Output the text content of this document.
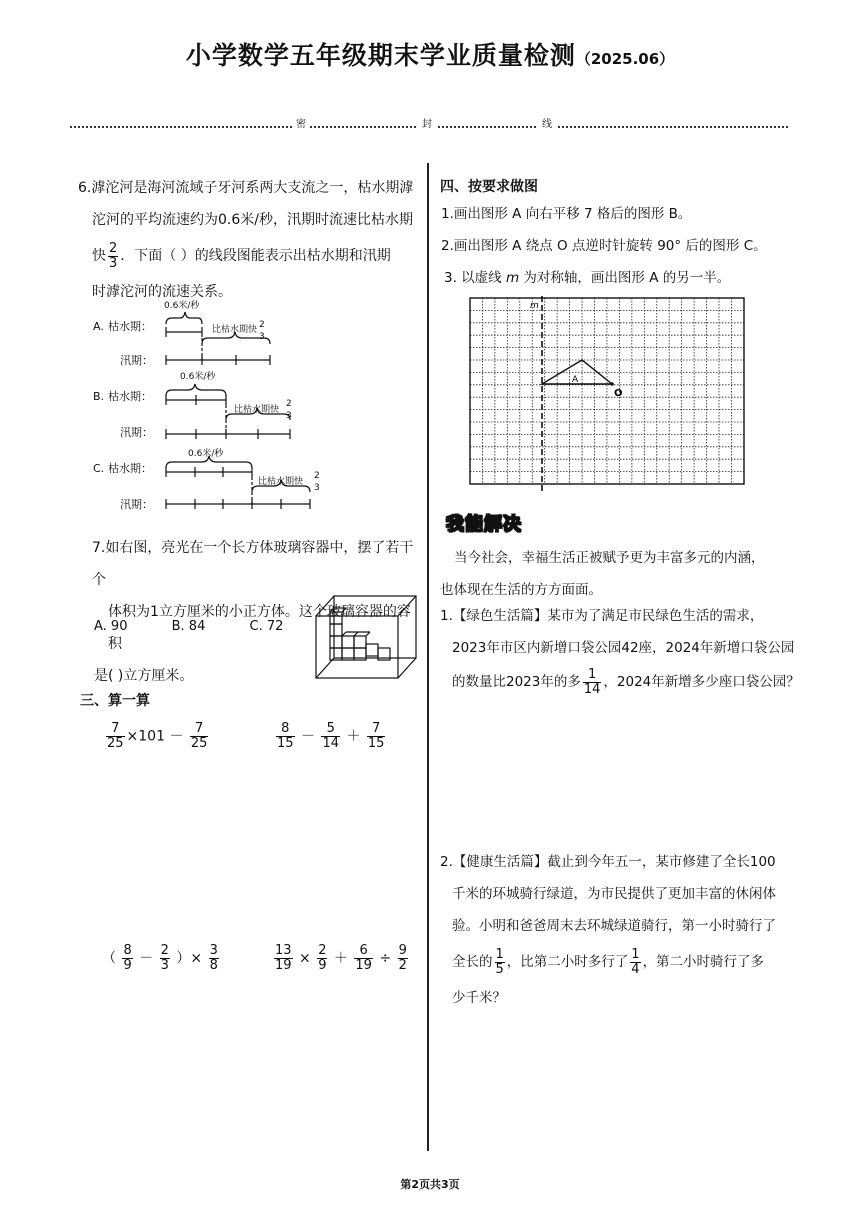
小学数学五年级期末学业质量检测（2025.06）
密	封	线
6.滹沱河是海河流域子牙河系两大支流之一，枯水期滹
沱河的平均流速约为0.6米/秒，汛期时流速比枯水期
快 $\frac{2}{3}$ ．下面（ ）的线段图能表示出枯水期和汛期
时滹沱河的流速关系。
A. 枯水期：
汛期：
0.6米/秒
比枯水期快 2
3
B. 枯水期：
汛期：
0.6米/秒
比枯水期快
2
3
C. 枯水期：
汛期：
0.6米/秒
比枯水期快
2
3
7.如右图，亮光在一个长方体玻璃容器中，摆了若干个
体积为1立方厘米的小正方体。这个玻璃容器的容积
是( )立方厘米。
A. 90	B. 84	C. 72
三、算一算
$\frac{7}{25} \times 101 - \frac{7}{25}$	$\frac{8}{15} - \frac{5}{14} + \frac{7}{15}$
（ $\frac{8}{9} - \frac{2}{3}$ ）× $\frac{3}{8}$	$\frac{13}{19} \times \frac{2}{9} + \frac{6}{19} \div \frac{9}{2}$
四、按要求做图
1.画出图形 A 向右平移 7 格后的图形 B。
2.画出图形 A 绕点 O 点逆时针旋转 90° 后的图形 C。
3. 以虚线 m 为对称轴，画出图形 A 的另一半。
m
A
O
我能解决
当今社会，幸福生活正被赋予更为丰富多元的内涵，
也体现在生活的方方面面。
1.【绿色生活篇】某市为了满足市民绿色生活的需求，
2023年市区内新增口袋公园42座，2024年新增口袋公园
的数量比2023年的多 $\frac{1}{14}$ ，2024年新增多少座口袋公园？
2.【健康生活篇】截止到今年五一，某市修建了全长100
千米的环城骑行绿道，为市民提供了更加丰富的休闲体
验。小明和爸爸周末去环城绿道骑行，第一小时骑行了
全长的 $\frac{1}{5}$ ，比第二小时多行了 $\frac{1}{4}$ ，第二小时骑行了多
少千米？
第2页共3页
